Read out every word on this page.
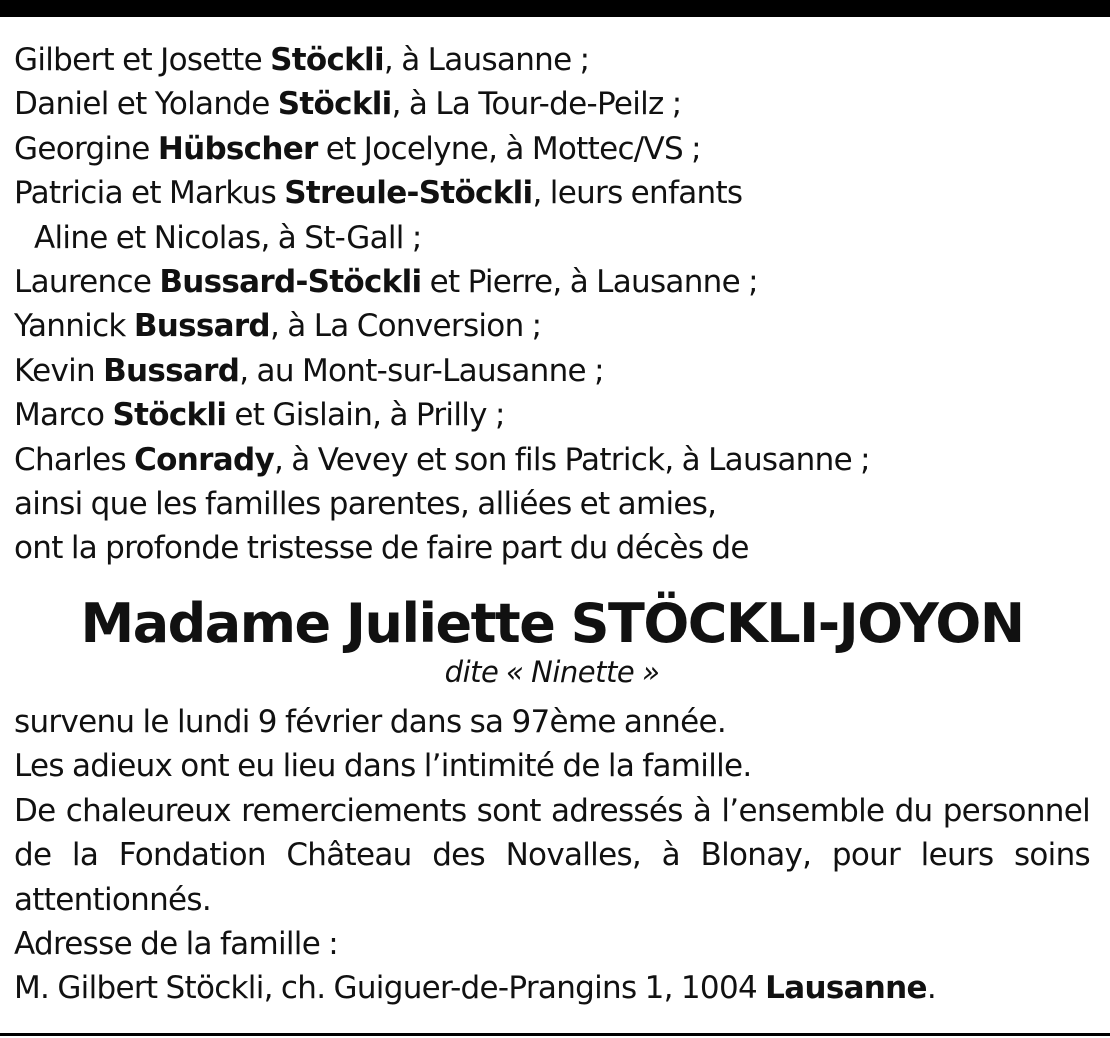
Gilbert et Josette Stöckli, à Lausanne ;
Daniel et Yolande Stöckli, à La Tour-de-Peilz ;
Georgine Hübscher et Jocelyne, à Mottec/VS ;
Patricia et Markus Streule-Stöckli, leurs enfants
Aline et Nicolas, à St-Gall ;
Laurence Bussard-Stöckli et Pierre, à Lausanne ;
Yannick Bussard, à La Conversion ;
Kevin Bussard, au Mont-sur-Lausanne ;
Marco Stöckli et Gislain, à Prilly ;
Charles Conrady, à Vevey et son fils Patrick, à Lausanne ;
ainsi que les familles parentes, alliées et amies,
ont la profonde tristesse de faire part du décès de
Madame Juliette STÖCKLI-JOYON
dite « Ninette »
survenu le lundi 9 février dans sa 97ème année.
Les adieux ont eu lieu dans l’intimité de la famille.
De chaleureux remerciements sont adressés à l’ensemble du personnel de la Fondation Château des Novalles, à Blonay, pour leurs soins attentionnés.
Adresse de la famille :
M. Gilbert Stöckli, ch. Guiguer-de-Prangins 1, 1004 Lausanne.
